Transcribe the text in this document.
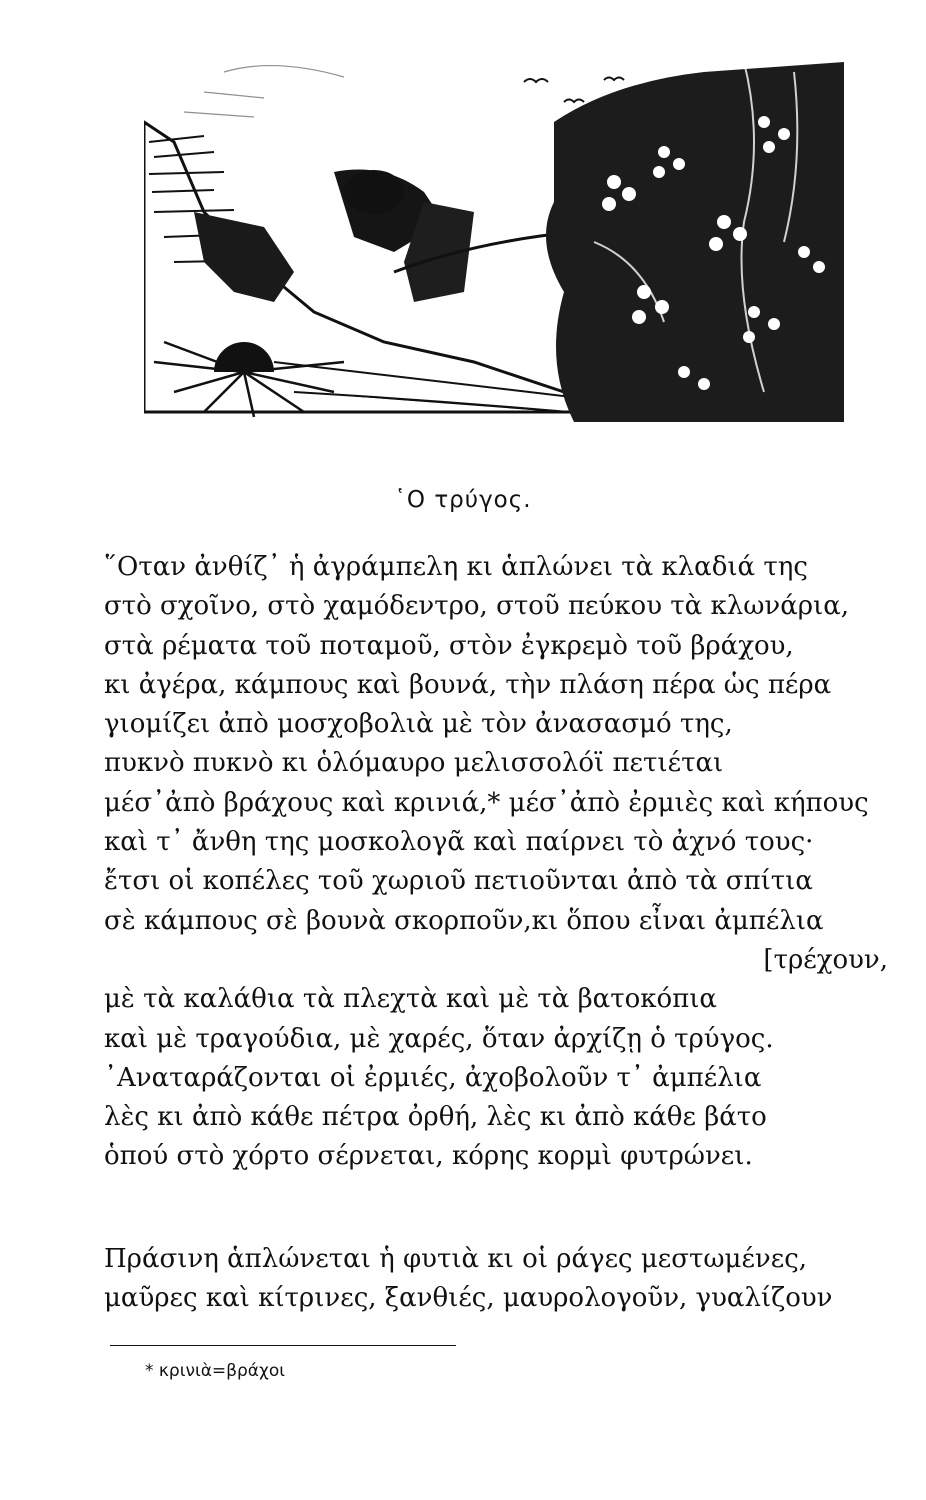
῾Ο τρύγος.
῞Οταν ἀνθίζ᾽ ἡ ἀγράμπελη κι ἁπλώνει τὰ κλαδιά της
στὸ σχοῖνο, στὸ χαμόδεντρο, στοῦ πεύκου τὰ κλωνάρια,
στὰ ρέματα τοῦ ποταμοῦ, στὸν ἐγκρεμὸ τοῦ βράχου,
κι ἀγέρα, κάμπους καὶ βουνά, τὴν πλάση πέρα ὡς πέρα
γιομίζει ἀπὸ μοσχοβολιὰ μὲ τὸν ἀνασασμό της,
πυκνὸ πυκνὸ κι ὁλόμαυρο μελισσολόϊ πετιέται
μέσ᾽ἀπὸ βράχους καὶ κρινιά,* μέσ᾽ἀπὸ ἐρμιὲς καὶ κήπους
καὶ τ᾽ ἄνθη της μοσκολογᾶ καὶ παίρνει τὸ ἀχνό τους·
ἔτσι οἱ κοπέλες τοῦ χωριοῦ πετιοῦνται ἀπὸ τὰ σπίτια
σὲ κάμπους σὲ βουνὰ σκορποῦν,κι ὅπου εἶναι ἀμπέλια
[τρέχουν,
μὲ τὰ καλάθια τὰ πλεχτὰ καὶ μὲ τὰ βατοκόπια
καὶ μὲ τραγούδια, μὲ χαρές, ὅταν ἀρχίζῃ ὁ τρύγος.
᾽Αναταράζονται οἱ ἐρμιές, ἀχοβολοῦν τ᾽ ἀμπέλια
λὲς κι ἀπὸ κάθε πέτρα ὀρθή, λὲς κι ἀπὸ κάθε βάτο
ὁπού στὸ χόρτο σέρνεται, κόρης κορμὶ φυτρώνει.
Πράσινη ἁπλώνεται ἡ φυτιὰ κι οἱ ράγες μεστωμένες,
μαῦρες καὶ κίτρινες, ξανθιές, μαυρολογοῦν, γυαλίζουν
* κρινιὰ=βράχοι
